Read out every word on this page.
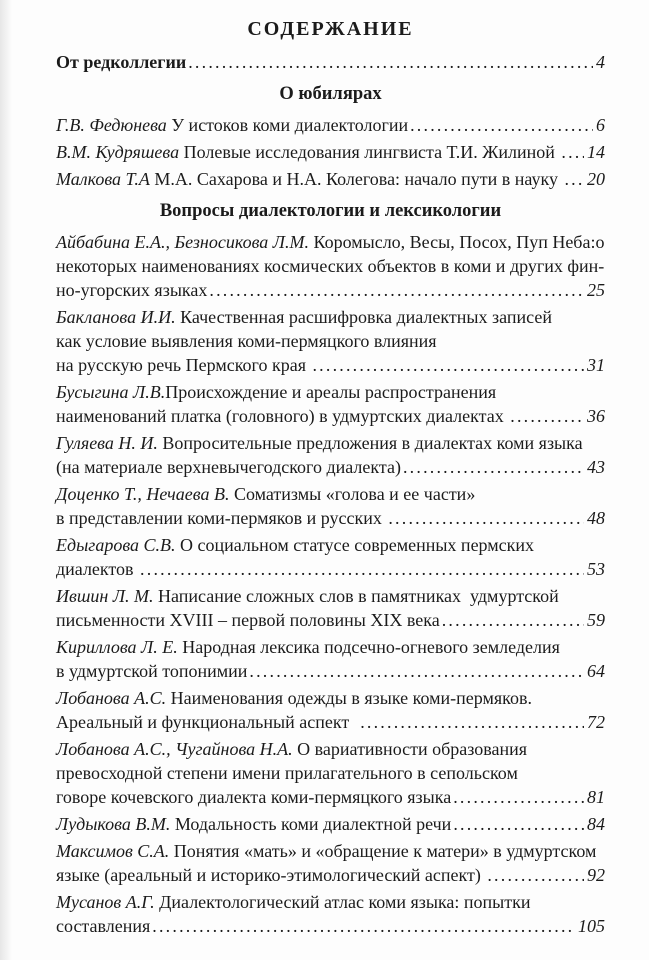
СОДЕРЖАНИЕ
От редколлегии .....	4
О юбилярах
Г.В. Федюнева У истоков коми диалектологии .....	6
В.М. Кудряшева Полевые исследования лингвиста Т.И. Жилиной ..... 14
Малкова Т.А М.А. Сахарова и Н.А. Колегова: начало пути в науку ..... 20
Вопросы диалектологии и лексикологии
Айбабина Е.А., Безносикова Л.М. Коромысло, Весы, Посох, Пуп Неба:о
некоторых наименованиях космических объектов в коми и других фин-
но-угорских языках .....	25
Бакланова И.И. Качественная расшифровка диалектных записей
как условие выявления коми-пермяцкого влияния
на русскую речь Пермского края .....	31
Бусыгина Л.В.Происхождение и ареалы распространения
наименований платка (головного) в удмуртских диалектах .....	36
Гуляева Н. И. Вопросительные предложения в диалектах коми языка
(на материале верхневычегодского диалекта) .....	43
Доценко Т., Нечаева В. Соматизмы «голова и ее части»
в представлении коми-пермяков и русских .....	48
Едыгарова С.В. О социальном статусе современных пермских
диалектов .....	53
Ившин Л. М. Написание сложных слов в памятниках  удмуртской
письменности XVIII – первой половины XIX века .....	59
Кириллова Л. Е. Народная лексика подсечно-огневого земледелия
в удмуртской топонимии .....	64
Лобанова А.С. Наименования одежды в языке коми-пермяков.
Ареальный и функциональный аспект .....	72
Лобанова А.С., Чугайнова Н.А. О вариативности образования
превосходной степени имени прилагательного в сепольском
говоре кочевского диалекта коми-пермяцкого языка .....	81
Лудыкова В.М. Модальность коми диалектной речи .....	84
Максимов С.А. Понятия «мать» и «обращение к матери» в удмуртском
языке (ареальный и историко-этимологический аспект) .....	92
Мусанов А.Г. Диалектологический атлас коми языка: попытки
составления .....	105
